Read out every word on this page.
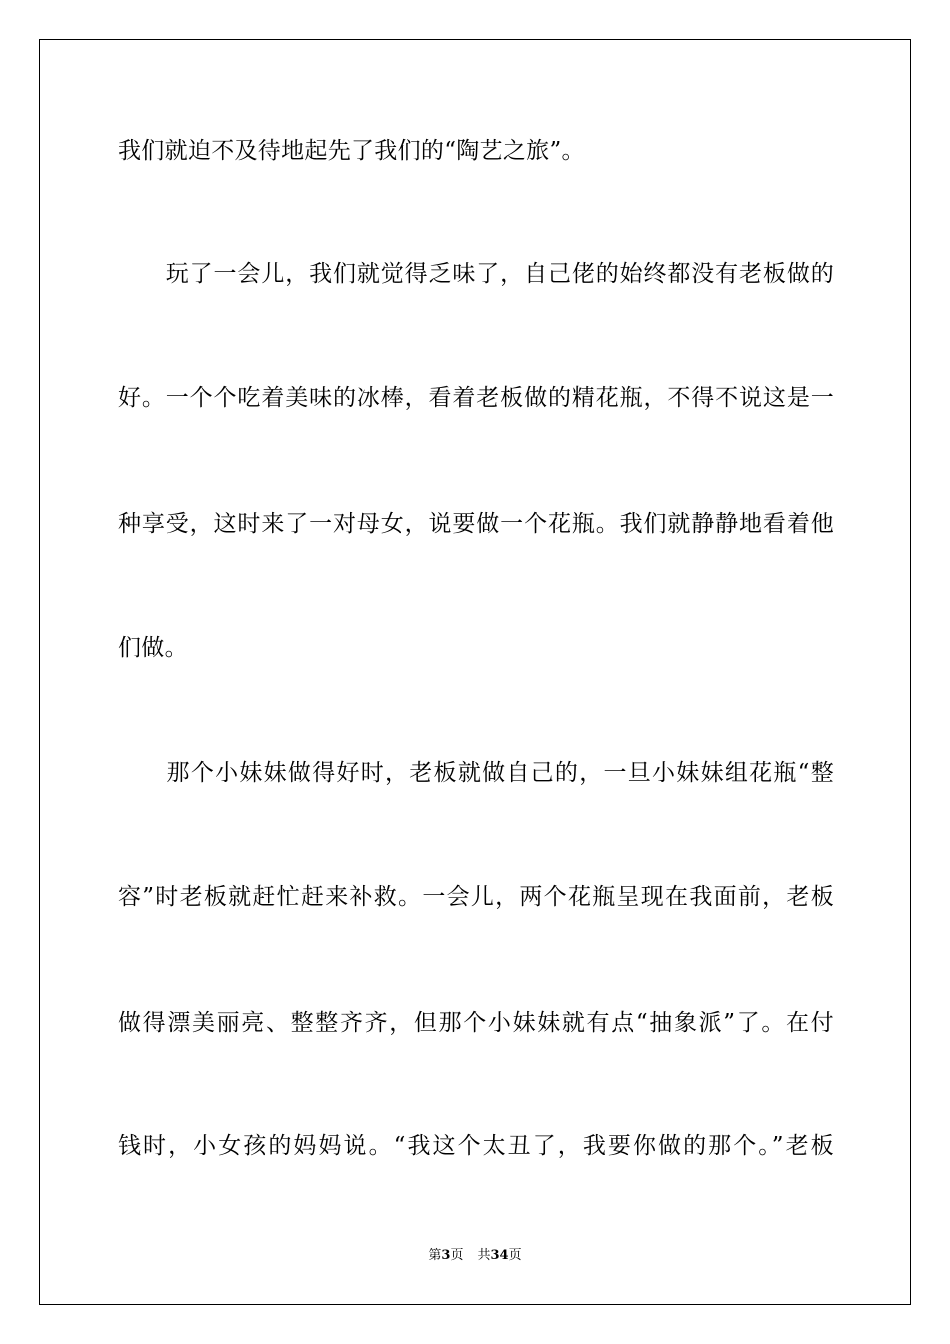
我们就迫不及待地起先了我们的“陶艺之旅”。
　　玩了一会儿，我们就觉得乏味了，自己佬的始终都没有老板做的
好。一个个吃着美味的冰棒，看着老板做的精花瓶，不得不说这是一
种享受，这时来了一对母女，说要做一个花瓶。我们就静静地看着他
们做。
　　那个小妹妹做得好时，老板就做自己的，一旦小妹妹组花瓶“整
容”时老板就赶忙赶来补救。一会儿，两个花瓶呈现在我面前，老板
做得漂美丽亮、整整齐齐，但那个小妹妹就有点“抽象派”了。在付
钱时，小女孩的妈妈说。“我这个太丑了，我要你做的那个。”老板
第3页 共34页
